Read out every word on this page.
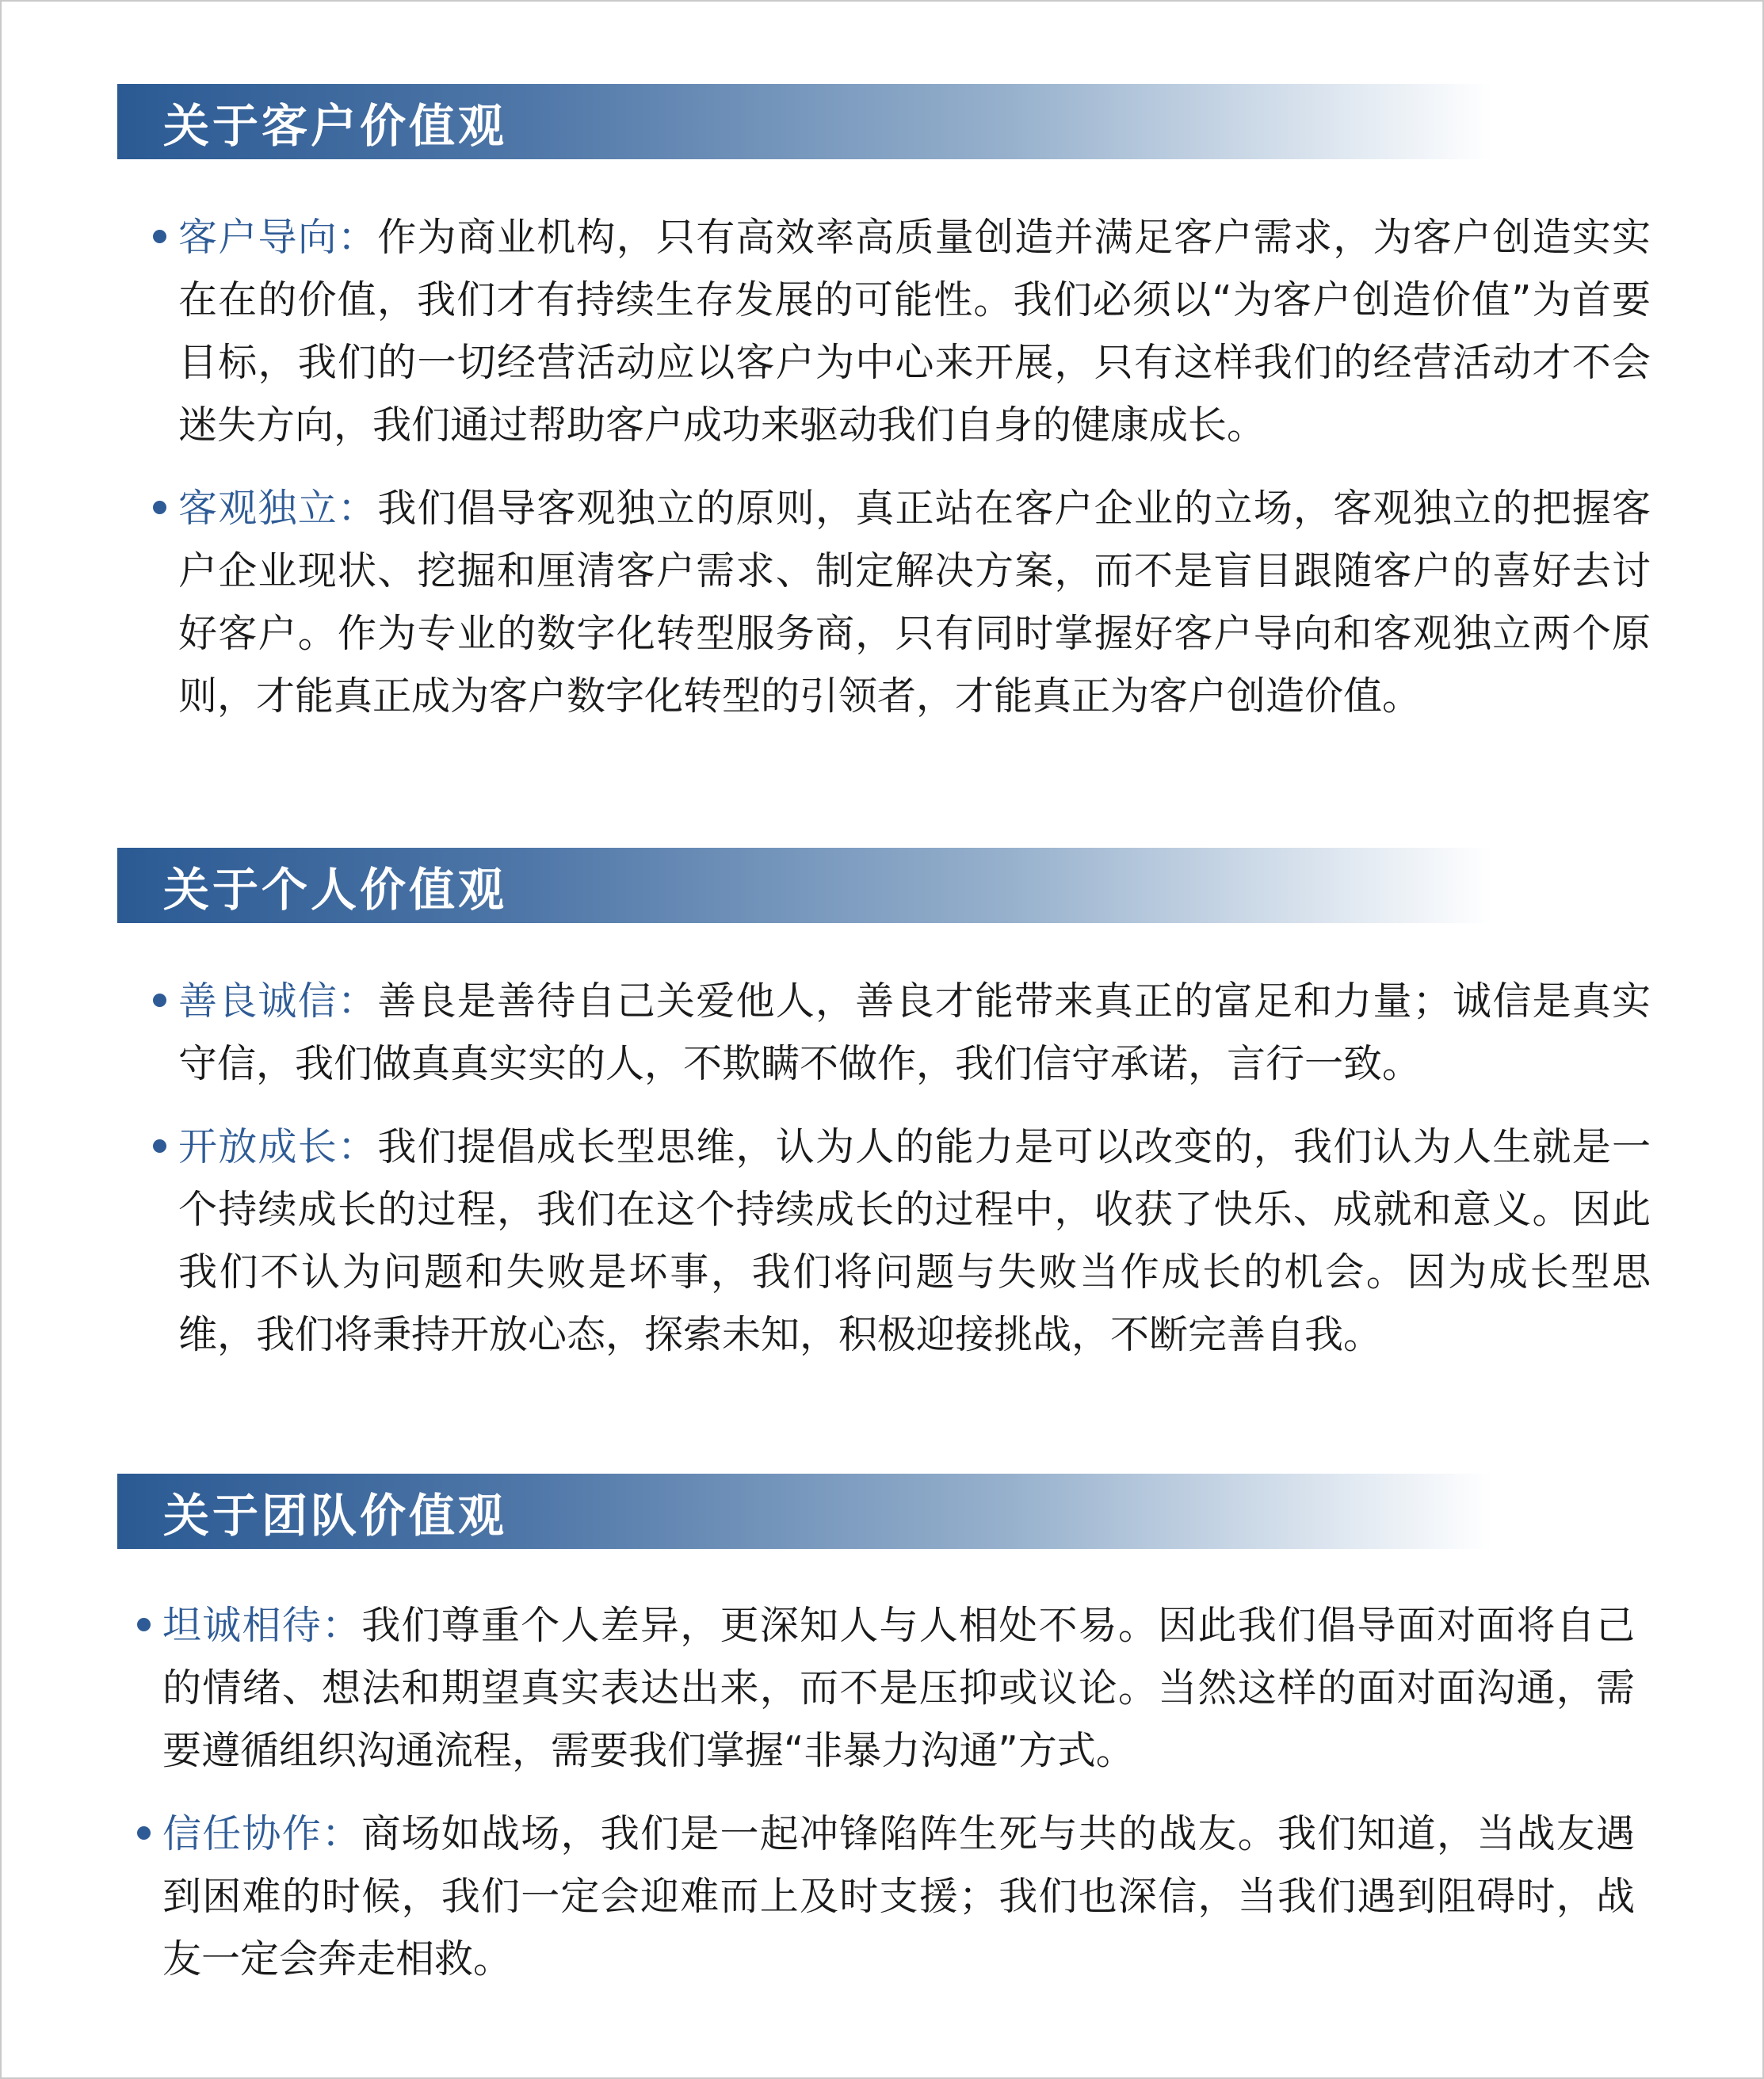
关于客户价值观
客户导向：作为商业机构，只有高效率高质量创造并满足客户需求，为客户创造实实在在的价值，我们才有持续生存发展的可能性。我们必须以“为客户创造价值”为首要目标，我们的一切经营活动应以客户为中心来开展，只有这样我们的经营活动才不会迷失方向，我们通过帮助客户成功来驱动我们自身的健康成长。
客观独立：我们倡导客观独立的原则，真正站在客户企业的立场，客观独立的把握客户企业现状、挖掘和厘清客户需求、制定解决方案，而不是盲目跟随客户的喜好去讨好客户。作为专业的数字化转型服务商，只有同时掌握好客户导向和客观独立两个原则，才能真正成为客户数字化转型的引领者，才能真正为客户创造价值。
关于个人价值观
善良诚信：善良是善待自己关爱他人，善良才能带来真正的富足和力量；诚信是真实守信，我们做真真实实的人，不欺瞒不做作，我们信守承诺，言行一致。
开放成长：我们提倡成长型思维，认为人的能力是可以改变的，我们认为人生就是一个持续成长的过程，我们在这个持续成长的过程中，收获了快乐、成就和意义。因此我们不认为问题和失败是坏事，我们将问题与失败当作成长的机会。因为成长型思维，我们将秉持开放心态，探索未知，积极迎接挑战，不断完善自我。
关于团队价值观
坦诚相待：我们尊重个人差异，更深知人与人相处不易。因此我们倡导面对面将自己的情绪、想法和期望真实表达出来，而不是压抑或议论。当然这样的面对面沟通，需要遵循组织沟通流程，需要我们掌握“非暴力沟通”方式。
信任协作：商场如战场，我们是一起冲锋陷阵生死与共的战友。我们知道，当战友遇到困难的时候，我们一定会迎难而上及时支援；我们也深信，当我们遇到阻碍时，战友一定会奔走相救。
